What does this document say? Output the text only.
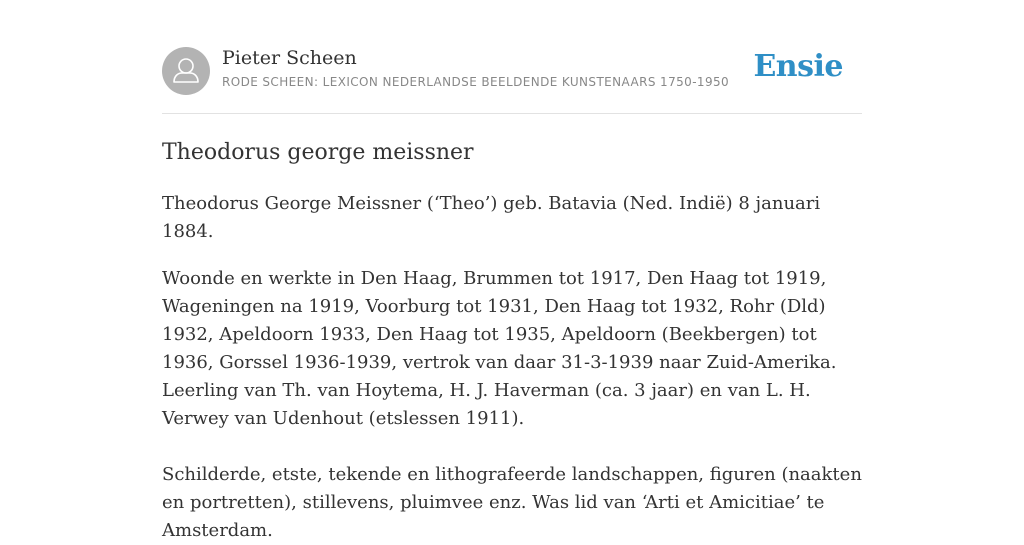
Pieter Scheen
RODE SCHEEN: LEXICON NEDERLANDSE BEELDENDE KUNSTENAARS 1750-1950 Ensie
Theodorus george meissner

Theodorus George Meissner (‘Theo’) geb. Batavia (Ned. Indië) 8 januari 1884.

Woonde en werkte in Den Haag, Brummen tot 1917, Den Haag tot 1919, Wageningen na 1919, Voorburg tot 1931, Den Haag tot 1932, Rohr (Dld) 1932, Apeldoorn 1933, Den Haag tot 1935, Apeldoorn (Beekbergen) tot 1936, Gorssel 1936-1939, vertrok van daar 31-3-1939 naar Zuid-Amerika. Leerling van Th. van Hoytema, H. J. Haverman (ca. 3 jaar) en van L. H. Verwey van Udenhout (etslessen 1911).

Schilderde, etste, tekende en lithografeerde landschappen, figuren (naakten en portretten), stillevens, pluimvee enz. Was lid van ‘Arti et Amicitiae’ te Amsterdam.
